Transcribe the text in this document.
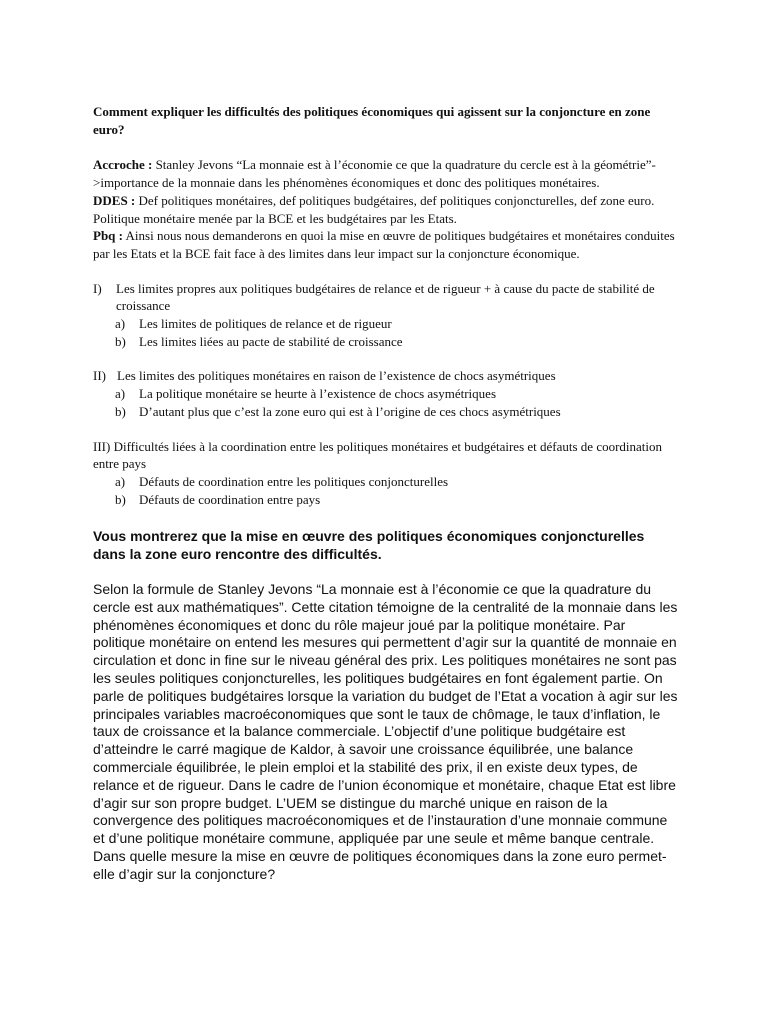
Comment expliquer les difficultés des politiques économiques qui agissent sur la conjoncture en zone euro?

Accroche : Stanley Jevons “La monnaie est à l’économie ce que la quadrature du cercle est à la géométrie”->importance de la monnaie dans les phénomènes économiques et donc des politiques monétaires.

DDES : Def politiques monétaires, def politiques budgétaires, def politiques conjoncturelles, def zone euro. Politique monétaire menée par la BCE et les budgétaires par les Etats.

Pbq : Ainsi nous nous demanderons en quoi la mise en œuvre de politiques budgétaires et monétaires conduites par les Etats et la BCE fait face à des limites dans leur impact sur la conjoncture économique.

I)	Les limites propres aux politiques budgétaires de relance et de rigueur + à cause du pacte de stabilité de croissance
a)	Les limites de politiques de relance et de rigueur
b)	Les limites liées au pacte de stabilité de croissance
II) Les limites des politiques monétaires en raison de l’existence de chocs asymétriques
a)	La politique monétaire se heurte à l’existence de chocs asymétriques
b)	D’autant plus que c’est la zone euro qui est à l’origine de ces chocs asymétriques

III) Difficultés liées à la coordination entre les politiques monétaires et budgétaires et défauts de coordination entre pays

a)	Défauts de coordination entre les politiques conjoncturelles
b)	Défauts de coordination entre pays

Vous montrerez que la mise en œuvre des politiques économiques conjoncturelles dans la zone euro rencontre des difficultés.

Selon la formule de Stanley Jevons “La monnaie est à l’économie ce que la quadrature du cercle est aux mathématiques”. Cette citation témoigne de la centralité de la monnaie dans les phénomènes économiques et donc du rôle majeur joué par la politique monétaire. Par politique monétaire on entend les mesures qui permettent d’agir sur la quantité de monnaie en circulation et donc in fine sur le niveau général des prix. Les politiques monétaires ne sont pas les seules politiques conjoncturelles, les politiques budgétaires en font également partie. On parle de politiques budgétaires lorsque la variation du budget de l’Etat a vocation à agir sur les principales variables macroéconomiques que sont le taux de chômage, le taux d’inflation, le taux de croissance et la balance commerciale. L’objectif d’une politique budgétaire est d’atteindre le carré magique de Kaldor, à savoir une croissance équilibrée, une balance commerciale équilibrée, le plein emploi et la stabilité des prix, il en existe deux types, de relance et de rigueur. Dans le cadre de l’union économique et monétaire, chaque Etat est libre d’agir sur son propre budget. L’UEM se distingue du marché unique en raison de la convergence des politiques macroéconomiques et de l’instauration d’une monnaie commune et d’une politique monétaire commune, appliquée par une seule et même banque centrale.

Dans quelle mesure la mise en œuvre de politiques économiques dans la zone euro permet-elle d’agir sur la conjoncture?
